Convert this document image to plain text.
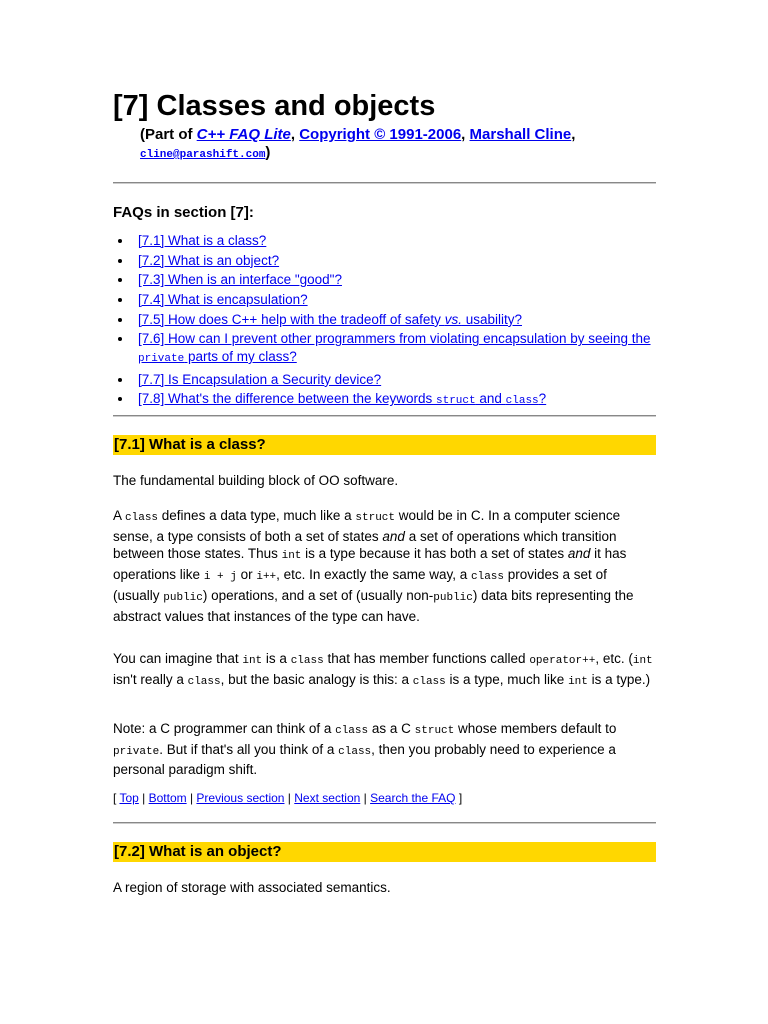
[7] Classes and objects
(Part of C++ FAQ Lite, Copyright © 1991-2006, Marshall Cline,
cline@parashift.com)
FAQs in section [7]:
• [7.1] What is a class?
• [7.2] What is an object?
• [7.3] When is an interface "good"?
• [7.4] What is encapsulation?
• [7.5] How does C++ help with the tradeoff of safety vs. usability?
• [7.6] How can I prevent other programmers from violating encapsulation by seeing the private parts of my class?
• [7.7] Is Encapsulation a Security device?
• [7.8] What's the difference between the keywords struct and class?
[7.1] What is a class?

The fundamental building block of OO software.

A class defines a data type, much like a struct would be in C. In a computer science sense, a type consists of both a set of states and a set of operations which transition between those states. Thus int is a type because it has both a set of states and it has operations like i + j or i++, etc. In exactly the same way, a class provides a set of (usually public) operations, and a set of (usually non-public) data bits representing the abstract values that instances of the type can have.

You can imagine that int is a class that has member functions called operator++, etc. (int isn't really a class, but the basic analogy is this: a class is a type, much like int is a type.)

Note: a C programmer can think of a class as a C struct whose members default to private. But if that's all you think of a class, then you probably need to experience a personal paradigm shift.

[ Top | Bottom | Previous section | Next section | Search the FAQ ]
[7.2] What is an object?

A region of storage with associated semantics.
